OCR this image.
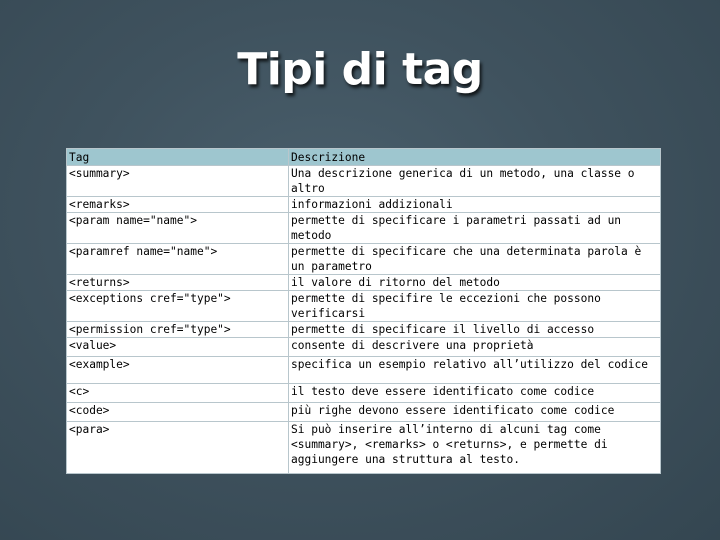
Tipi di tag
Tag	Descrizione
<summary>	Una descrizione generica di un metodo, una classe o altro
<remarks>	informazioni addizionali
<param name="name">	permette di specificare i parametri passati ad un metodo
<paramref name="name">	permette di specificare che una determinata parola è un parametro
<returns>	il valore di ritorno del metodo
<exceptions cref="type">	permette di specifire le eccezioni che possono verificarsi
<permission cref="type">	permette di specificare il livello di accesso
<value>	consente di descrivere una proprietà
<example>	specifica un esempio relativo all’utilizzo del codice
<c>	il testo deve essere identificato come codice
<code>	più righe devono essere identificato come codice
<para>	Si può inserire all’interno di alcuni tag come <summary>, <remarks> o <returns>, e permette di aggiungere una struttura al testo.
